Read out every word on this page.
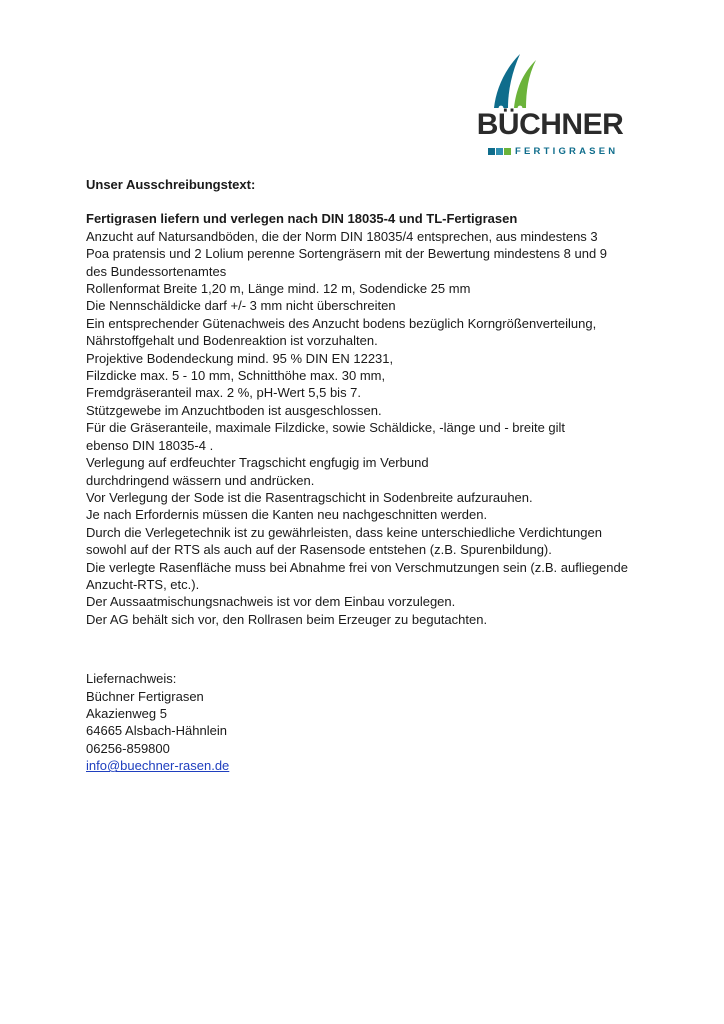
BÜCHNER
FERTIGRASEN

Unser Ausschreibungstext:

Fertigrasen liefern und verlegen nach DIN 18035-4 und TL-Fertigrasen

Anzucht auf Natursandböden, die der Norm DIN 18035/4 entsprechen, aus mindestens 3

Poa pratensis und 2 Lolium perenne Sortengräsern mit der Bewertung mindestens 8 und 9

des Bundessortenamtes

Rollenformat Breite 1,20 m, Länge mind. 12 m, Sodendicke 25 mm

Die Nennschäldicke darf +/- 3 mm nicht überschreiten

Ein entsprechender Gütenachweis des Anzucht bodens bezüglich Korngrößenverteilung,

Nährstoffgehalt und Bodenreaktion ist vorzuhalten.

Projektive Bodendeckung mind. 95 % DIN EN 12231,

Filzdicke max. 5 - 10 mm, Schnitthöhe max. 30 mm,

Fremdgräseranteil max. 2 %, pH-Wert 5,5 bis 7.

Stützgewebe im Anzuchtboden ist ausgeschlossen.

Für die Gräseranteile, maximale Filzdicke, sowie Schäldicke, -länge und - breite gilt

ebenso DIN 18035-4 .

Verlegung auf erdfeuchter Tragschicht engfugig im Verbund

durchdringend wässern und andrücken.

Vor Verlegung der Sode ist die Rasentragschicht in Sodenbreite aufzurauhen.

Je nach Erfordernis müssen die Kanten neu nachgeschnitten werden.

Durch die Verlegetechnik ist zu gewährleisten, dass keine unterschiedliche Verdichtungen

sowohl auf der RTS als auch auf der Rasensode entstehen (z.B. Spurenbildung).

Die verlegte Rasenfläche muss bei Abnahme frei von Verschmutzungen sein (z.B. aufliegende

Anzucht-RTS, etc.).

Der Aussaatmischungsnachweis ist vor dem Einbau vorzulegen.

Der AG behält sich vor, den Rollrasen beim Erzeuger zu begutachten.

Liefernachweis:

Büchner Fertigrasen

Akazienweg 5

64665 Alsbach-Hähnlein

06256-859800

info@buechner-rasen.de
